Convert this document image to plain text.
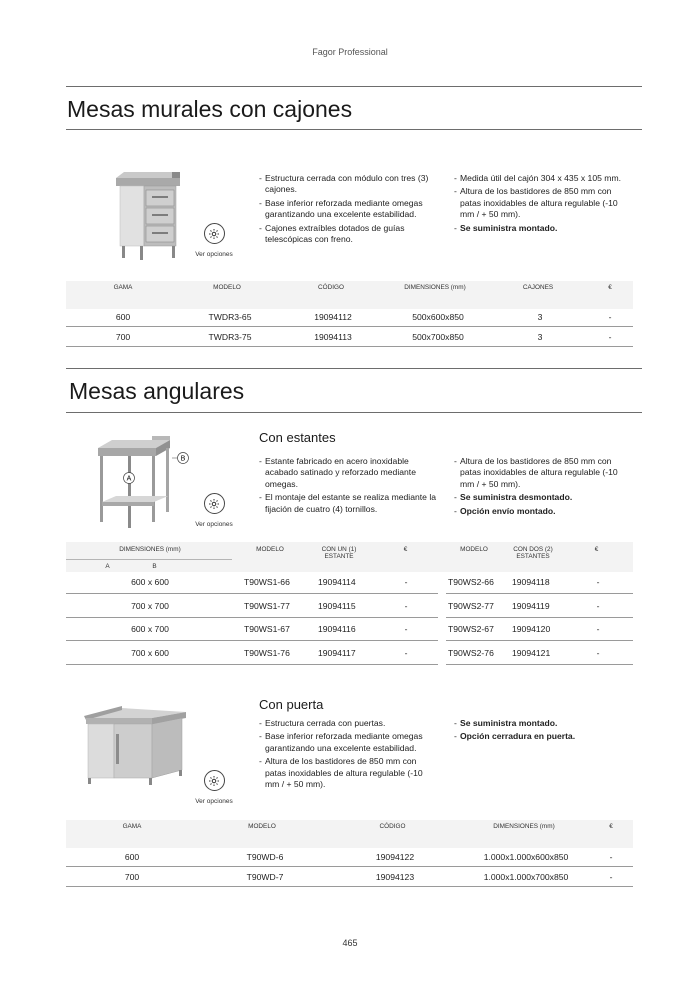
Fagor Professional
Mesas murales con cajones
Ver opciones
- Estructura cerrada con módulo con tres (3) cajones.
- Base inferior reforzada mediante omegas garantizando una excelente estabilidad.
- Cajones extraíbles dotados de guías telescópicas con freno.
- Medida útil del cajón 304 x 435 x 105 mm.
- Altura de los bastidores de 850 mm con patas inoxidables de altura regulable (-10 mm / + 50 mm).
- Se suministra montado.
GAMA	MODELO	CÓDIGO	DIMENSIONES (mm)	CAJONES	€
600	TWDR3-65	19094112	500x600x850	3	-
700	TWDR3-75	19094113	500x700x850	3	-
Mesas angulares
Con estantes
A
B
Ver opciones
- Estante fabricado en acero inoxidable acabado satinado y reforzado mediante omegas.
- El montaje del estante se realiza mediante la fijación de cuatro (4) tornillos.
- Altura de los bastidores de 850 mm con patas inoxidables de altura regulable (-10 mm / + 50 mm).
- Se suministra desmontado.
- Opción envío montado.
DIMENSIONES (mm)
A	B
MODELO	CON UN (1) ESTANTE
€	MODELO	CON DOS (2) ESTANTES
€
600 x 600	T90WS1-66	19094114	-	T90WS2-66	19094118	-
700 x 700	T90WS1-77	19094115	-	T90WS2-77	19094119	-
600 x 700	T90WS1-67	19094116	-	T90WS2-67	19094120	-
700 x 600	T90WS1-76	19094117	-	T90WS2-76	19094121	-
Con puerta
Ver opciones
- Estructura cerrada con puertas.
- Base inferior reforzada mediante omegas garantizando una excelente estabilidad.
- Altura de los bastidores de 850 mm con patas inoxidables de altura regulable (-10 mm / + 50 mm).
- Se suministra montado.
- Opción cerradura en puerta.
GAMA	MODELO	CÓDIGO	DIMENSIONES (mm)	€
600	T90WD-6	19094122	1.000x1.000x600x850	-
700	T90WD-7	19094123	1.000x1.000x700x850	-
465
